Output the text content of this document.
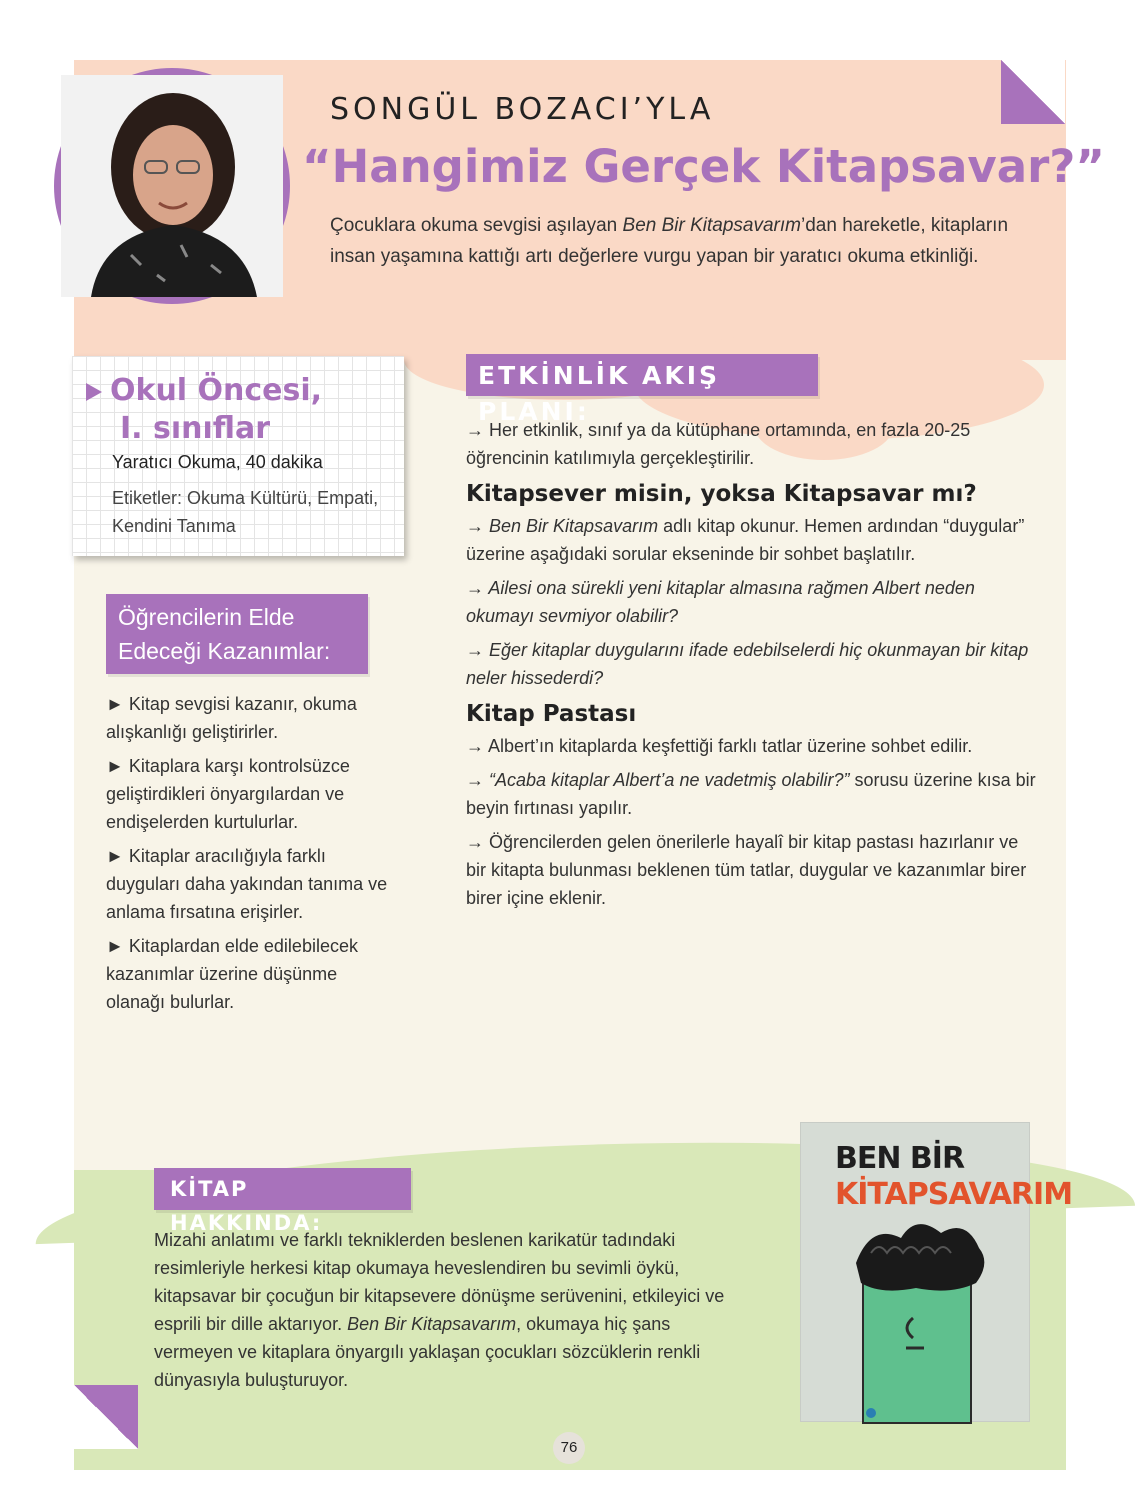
SONGÜL BOZACI’YLA
“Hangimiz Gerçek Kitapsavar?”
Çocuklara okuma sevgisi aşılayan Ben Bir Kitapsavarım’dan hareketle, kitapların insan yaşamına kattığı artı değerlere vurgu yapan bir yaratıcı okuma etkinliği.
Okul Öncesi,
I. sınıflar
Yaratıcı Okuma, 40 dakika
Etiketler: Okuma Kültürü, Empati, Kendini Tanıma
Öğrencilerin Elde Edeceği Kazanımlar:
► Kitap sevgisi kazanır, okuma alışkanlığı geliştirirler.
► Kitaplara karşı kontrolsüzce geliştirdikleri önyargılardan ve endişelerden kurtulurlar.
► Kitaplar aracılığıyla farklı duyguları daha yakından tanıma ve anlama fırsatına erişirler.
► Kitaplardan elde edilebilecek kazanımlar üzerine düşünme olanağı bulurlar.
ETKİNLİK AKIŞ PLANI:

→ Her etkinlik, sınıf ya da kütüphane ortamında, en fazla 20-25 öğrencinin katılımıyla gerçekleştirilir.

Kitapsever misin, yoksa Kitapsavar mı?

→ Ben Bir Kitapsavarım adlı kitap okunur. Hemen ardından “duygular” üzerine aşağıdaki sorular ekseninde bir sohbet başlatılır.

→ Ailesi ona sürekli yeni kitaplar almasına rağmen Albert neden okumayı sevmiyor olabilir?

→ Eğer kitaplar duygularını ifade edebilselerdi hiç okunmayan bir kitap neler hissederdi?

Kitap Pastası

→ Albert’ın kitaplarda keşfettiği farklı tatlar üzerine sohbet edilir.

→ “Acaba kitaplar Albert’a ne vadetmiş olabilir?” sorusu üzerine kısa bir beyin fırtınası yapılır.

→ Öğrencilerden gelen önerilerle hayalî bir kitap pastası hazırlanır ve bir kitapta bulunması beklenen tüm tatlar, duygular ve kazanımlar birer birer içine eklenir.

KİTAP HAKKINDA:
Mizahi anlatımı ve farklı tekniklerden beslenen karikatür tadındaki resimleriyle herkesi kitap okumaya heveslendiren bu sevimli öykü, kitapsavar bir çocuğun bir kitapsevere dönüşme serüvenini, etkileyici ve esprili bir dille aktarıyor. Ben Bir Kitapsavarım, okumaya hiç şans vermeyen ve kitaplara önyargılı yaklaşan çocukları sözcüklerin renkli dünyasıyla buluşturuyor.
BEN BİR
KİTAPSAVARIM
76
